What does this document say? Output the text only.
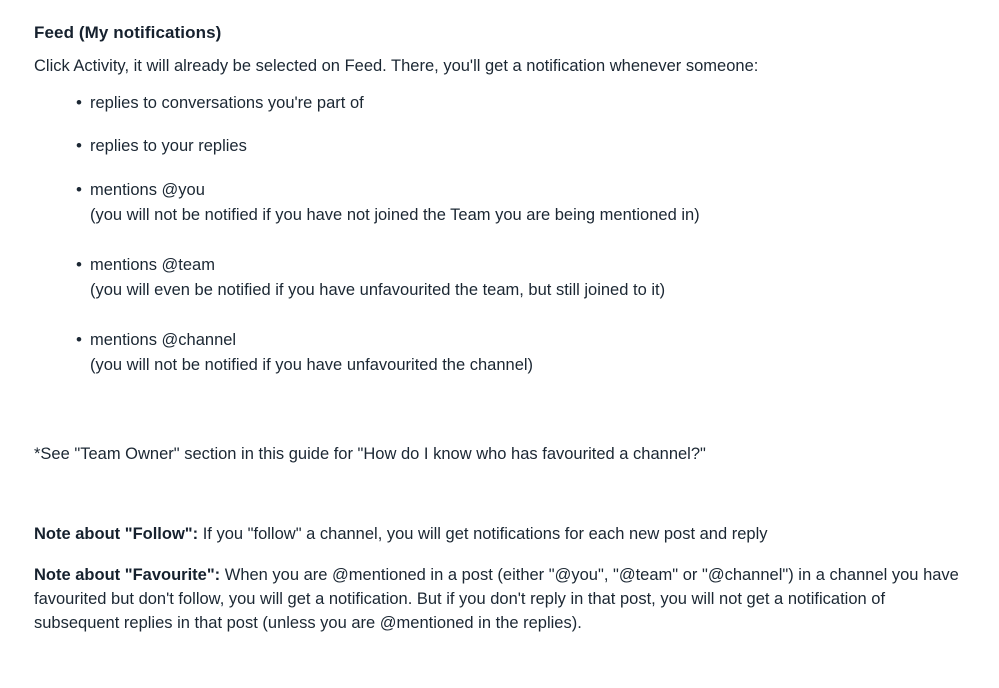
Feed (My notifications)

Click Activity, it will already be selected on Feed. There, you'll get a notification whenever someone:

• replies to conversations you're part of
• replies to your replies
• mentions @you
(you will not be notified if you have not joined the Team you are being mentioned in)
• mentions @team
(you will even be notified if you have unfavourited the team, but still joined to it)
• mentions @channel
(you will not be notified if you have unfavourited the channel)

*See "Team Owner" section in this guide for "How do I know who has favourited a channel?"

Note about "Follow": If you "follow" a channel, you will get notifications for each new post and reply

Note about "Favourite": When you are @mentioned in a post (either "@you", "@team" or "@channel") in a channel you have favourited but don't follow, you will get a notification. But if you don't reply in that post, you will not get a notification of subsequent replies in that post (unless you are @mentioned in the replies).
